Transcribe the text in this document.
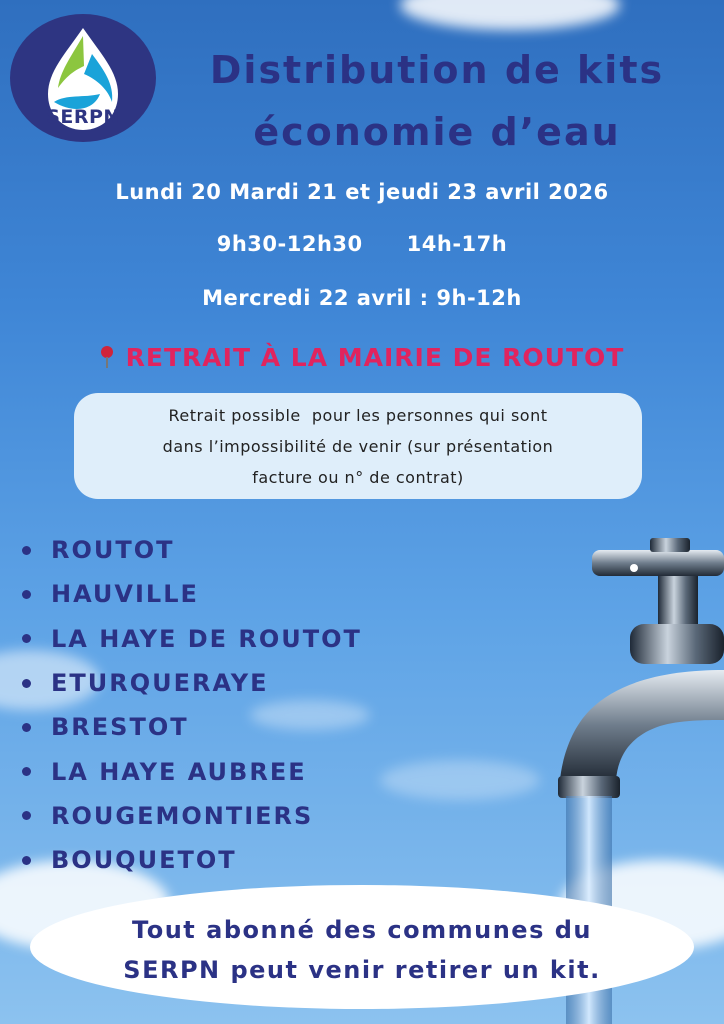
SERPN
Distribution de kits
économie d’eau
Lundi 20 Mardi 21 et jeudi 23 avril 2026
9h30-12h30 14h-17h
Mercredi 22 avril : 9h-12h
RETRAIT À LA MAIRIE DE ROUTOT
Retrait possible  pour les personnes qui sont
dans l’impossibilité de venir (sur présentation
facture ou n° de contrat)
ROUTOT
HAUVILLE
LA HAYE DE ROUTOT
ETURQUERAYE
BRESTOT
LA HAYE AUBREE
ROUGEMONTIERS
BOUQUETOT
Tout abonné des communes du
SERPN peut venir retirer un kit.
